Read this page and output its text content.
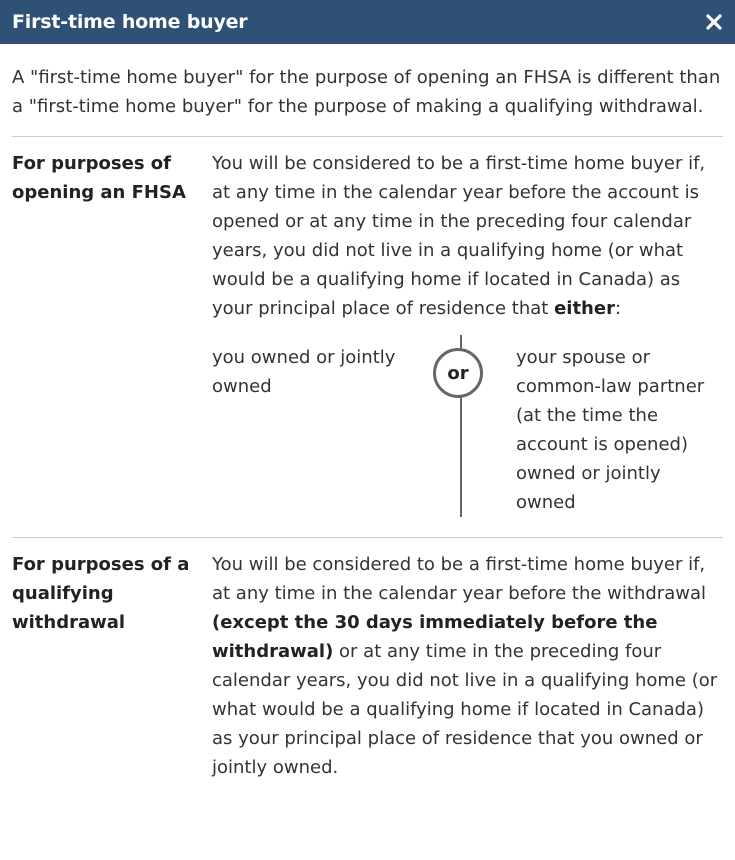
First-time home buyer

A "first-time home buyer" for the purpose of opening an FHSA is different than a "first-time home buyer" for the purpose of making a qualifying withdrawal.

For purposes of opening an FHSA

You will be considered to be a first-time home buyer if, at any time in the calendar year before the account is opened or at any time in the preceding four calendar years, you did not live in a qualifying home (or what would be a qualifying home if located in Canada) as your principal place of residence that either:

you owned or jointly owned
or
your spouse or common-law partner (at the time the account is opened) owned or jointly owned
For purposes of a qualifying withdrawal

You will be considered to be a first-time home buyer if, at any time in the calendar year before the withdrawal (except the 30 days immediately before the withdrawal) or at any time in the preceding four calendar years, you did not live in a qualifying home (or what would be a qualifying home if located in Canada) as your principal place of residence that you owned or jointly owned.
